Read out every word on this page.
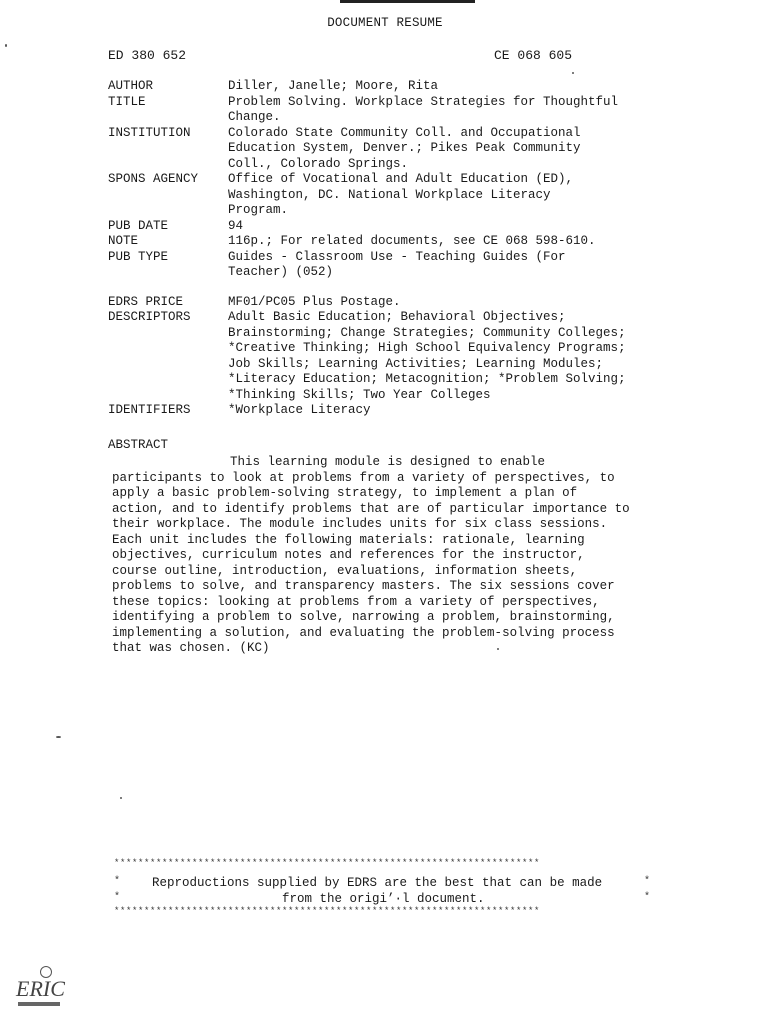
DOCUMENT RESUME
ED 380 652	CE 068 605
AUTHOR	Diller, Janelle; Moore, Rita
TITLE	Problem Solving. Workplace Strategies for Thoughtful
Change.
INSTITUTION	Colorado State Community Coll. and Occupational
Education System, Denver.; Pikes Peak Community
Coll., Colorado Springs.
SPONS AGENCY	Office of Vocational and Adult Education (ED),
Washington, DC. National Workplace Literacy
Program.
PUB DATE	94
NOTE	116p.; For related documents, see CE 068 598-610.
PUB TYPE	Guides - Classroom Use - Teaching Guides (For
Teacher) (052)
EDRS PRICE	MF01/PC05 Plus Postage.
DESCRIPTORS	Adult Basic Education; Behavioral Objectives;
Brainstorming; Change Strategies; Community Colleges;
*Creative Thinking; High School Equivalency Programs;
Job Skills; Learning Activities; Learning Modules;
*Literacy Education; Metacognition; *Problem Solving;
*Thinking Skills; Two Year Colleges
IDENTIFIERS	*Workplace Literacy
ABSTRACT
This learning module is designed to enable
participants to look at problems from a variety of perspectives, to
apply a basic problem-solving strategy, to implement a plan of
action, and to identify problems that are of particular importance to
their workplace. The module includes units for six class sessions.
Each unit includes the following materials: rationale, learning
objectives, curriculum notes and references for the instructor,
course outline, introduction, evaluations, information sheets,
problems to solve, and transparency masters. The six sessions cover
these topics: looking at problems from a variety of perspectives,
identifying a problem to solve, narrowing a problem, brainstorming,
implementing a solution, and evaluating the problem-solving process
that was chosen. (KC)
***********************************************************************
*	Reproductions supplied by EDRS are the best that can be made	*
*	from the origi’·l document.	*
***********************************************************************
ERIC
